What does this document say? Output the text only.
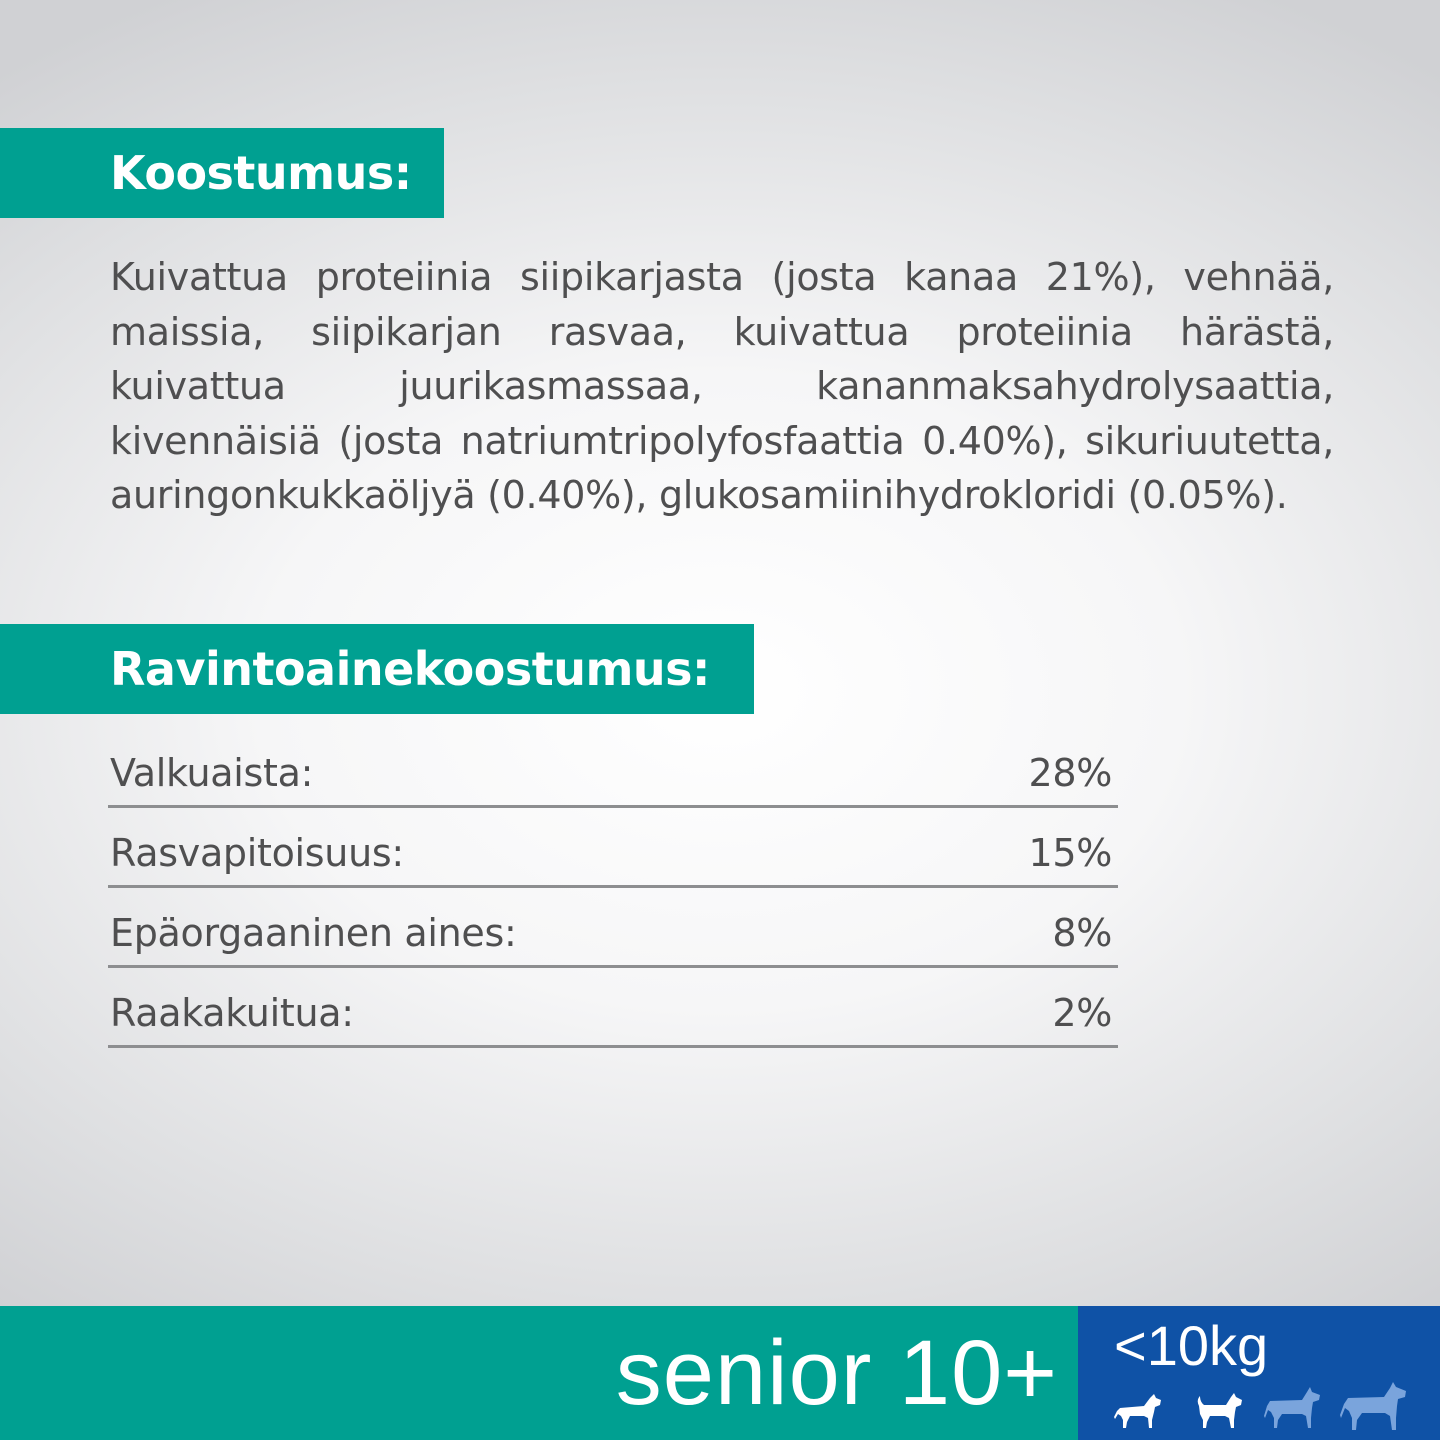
Koostumus:

Kuivattua proteiinia siipikarjasta (josta kanaa 21%), vehnää, maissia, siipikarjan rasvaa, kuivattua proteiinia härästä, kuivattua juurikasmassaa, kananmaksahydrolysaattia, kivennäisiä (josta natriumtripolyfosfaattia 0.40%), sikuriuutetta, auringonkukkaöljyä (0.40%), glukosamiinihydrokloridi (0.05%).

Ravintoainekoostumus:
Valkuaista:	28%
Rasvapitoisuus:	15%
Epäorgaaninen aines:	8%
Raakakuitua:	2%
senior 10+ <10kg
